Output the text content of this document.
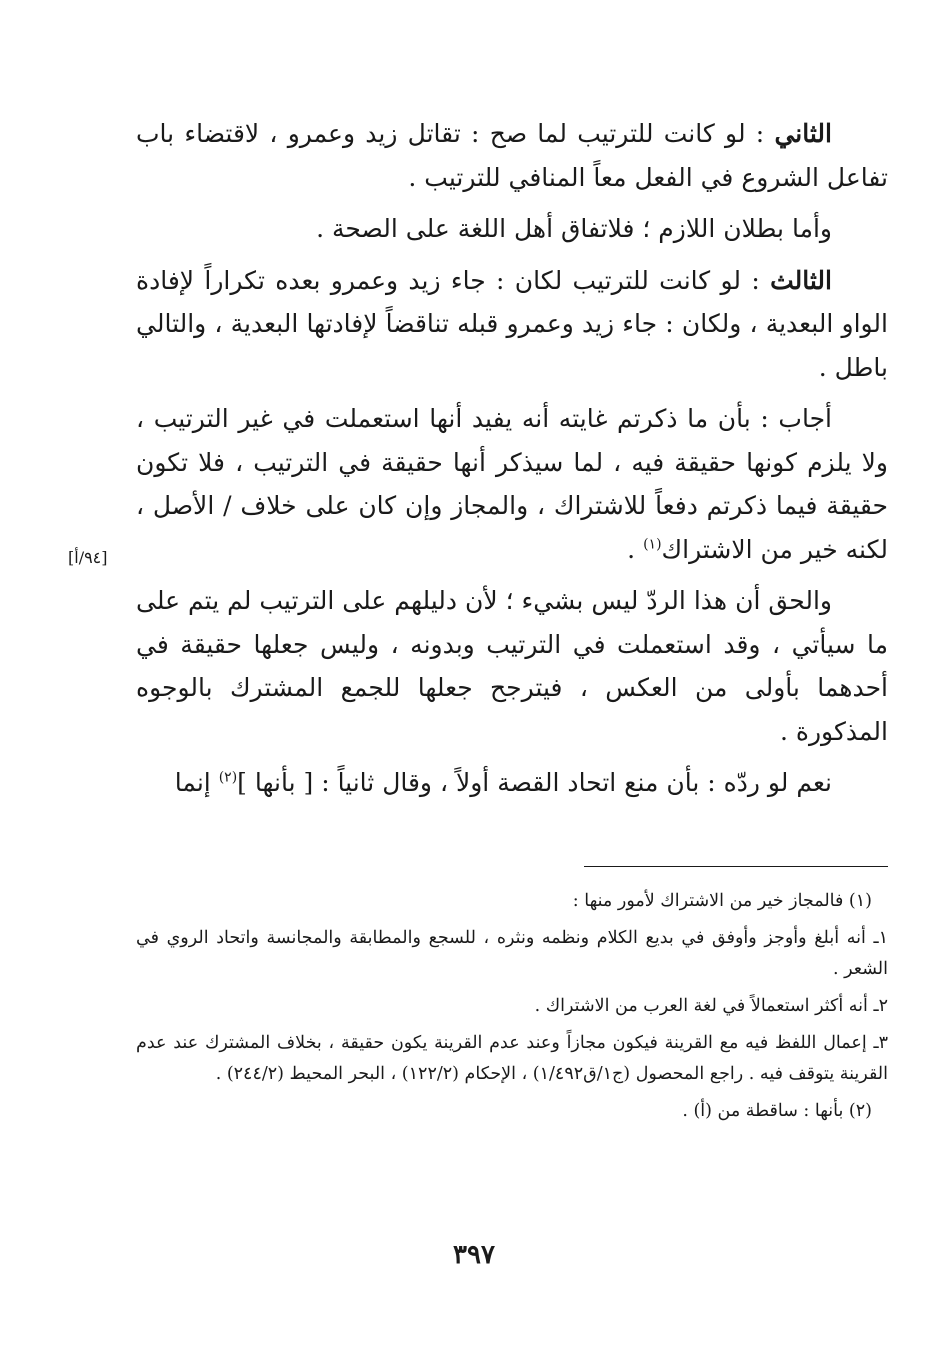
الثاني : لو كانت للترتيب لما صح : تقاتل زيد وعمرو ، لاقتضاء باب تفاعل الشروع في الفعل معاً المنافي للترتيب .

وأما بطلان اللازم ؛ فلاتفاق أهل اللغة على الصحة .

الثالث : لو كانت للترتيب لكان : جاء زيد وعمرو بعده تكراراً لإفادة الواو البعدية ، ولكان : جاء زيد وعمرو قبله تناقضاً لإفادتها البعدية ، والتالي باطل .

أجاب : بأن ما ذكرتم غايته أنه يفيد أنها استعملت في غير الترتيب ، ولا يلزم كونها حقيقة فيه ، لما سيذكر أنها حقيقة في الترتيب ، فلا تكون حقيقة فيما ذكرتم دفعاً للاشتراك ، والمجاز وإن كان على خلاف / الأصل ، لكنه خير من الاشتراك$^{(١)}$ .

والحق أن هذا الردّ ليس بشيء ؛ لأن دليلهم على الترتيب لم يتم على ما سيأتي ، وقد استعملت في الترتيب وبدونه ، وليس جعلها حقيقة في أحدهما بأولى من العكس ، فيترجح جعلها للجمع المشترك بالوجوه المذكورة .

نعم لو ردّه : بأن منع اتحاد القصة أولاً ، وقال ثانياً : [ بأنها ]$^{(٢)}$ إنما

[٩٤/أ]

(١) فالمجاز خير من الاشتراك لأمور منها :

١ـ أنه أبلغ وأوجز وأوفق في بديع الكلام ونظمه ونثره ، للسجع والمطابقة والمجانسة واتحاد الروي في الشعر .

٢ـ أنه أكثر استعمالاً في لغة العرب من الاشتراك .

٣ـ إعمال اللفظ فيه مع القرينة فيكون مجازاً وعند عدم القرينة يكون حقيقة ، بخلاف المشترك عند عدم القرينة يتوقف فيه . راجع المحصول (ج١/ق١/٤٩٢) ، الإحكام (١٢٢/٢) ، البحر المحيط (٢٤٤/٢) .

(٢) بأنها : ساقطة من (أ) .

٣٩٧
